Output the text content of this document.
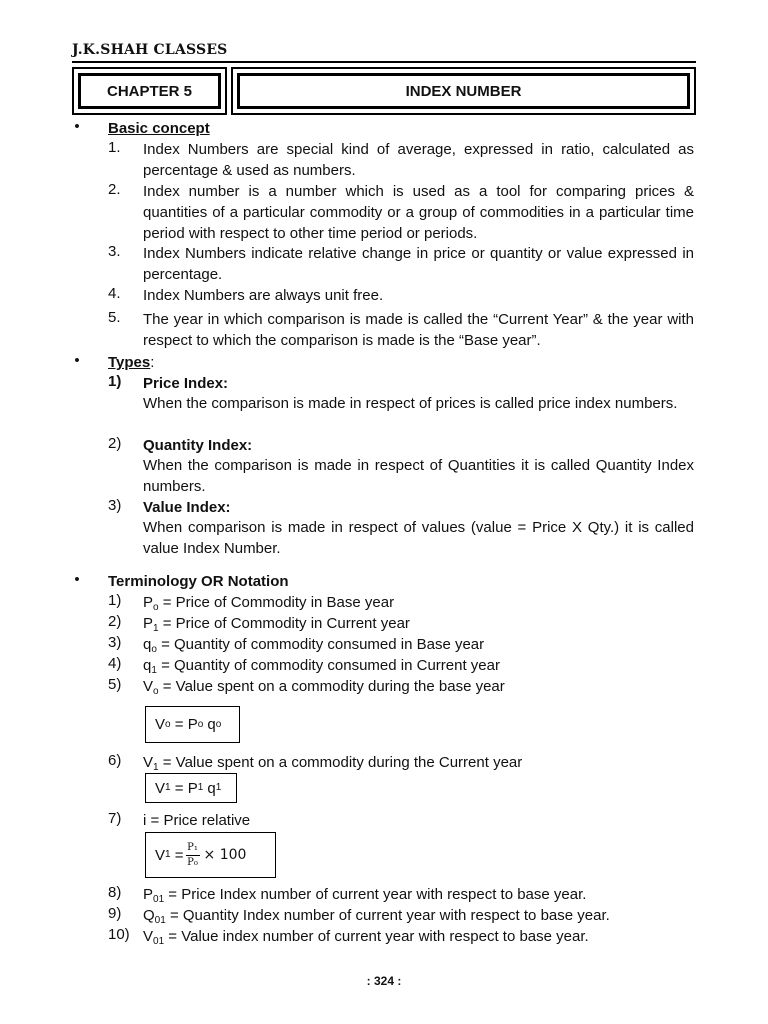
J.K.SHAH CLASSES
CHAPTER 5	INDEX NUMBER
• Basic concept
1.	Index Numbers are special kind of average, expressed in ratio, calculated as percentage & used as numbers.
2.	Index number is a number which is used as a tool for comparing prices & quantities of a particular commodity or a group of commodities in a particular time period with respect to other time period or periods.
3.	Index Numbers indicate relative change in price or quantity or value expressed in percentage.
4.	Index Numbers are always unit free.
5.	The year in which comparison is made is called the “Current Year” & the year with respect to which the comparison is made is the “Base year”.
• Types:
1)	Price Index:
When the comparison is made in respect of prices is called price index numbers.
2)	Quantity Index:
When the comparison is made in respect of Quantities it is called Quantity Index numbers.
3)	Value Index:
When comparison is made in respect of values (value = Price X Qty.) it is called value Index Number.
• Terminology OR Notation
1)	$P_o$ = Price of Commodity in Base year
2)	$P_1$ = Price of Commodity in Current year
3)	$q_o$ = Quantity of commodity consumed in Base year
4)	$q_1$ = Quantity of commodity consumed in Current year
5)	$V_o$ = Value spent on a commodity during the base year
V o = P o q o
6)	$V_1$ = Value spent on a commodity during the Current year
V 1 = P 1 q 1
7)	i = Price relative
V $1 = \frac{\text{P₁}}{\text{P₀}} \times 100$
8)	$P_{01}$ = Price Index number of current year with respect to base year.
9)	$Q_{01}$ = Quantity Index number of current year with respect to base year.
10) $V_{01}$ = Value index number of current year with respect to base year.
: 324 :
